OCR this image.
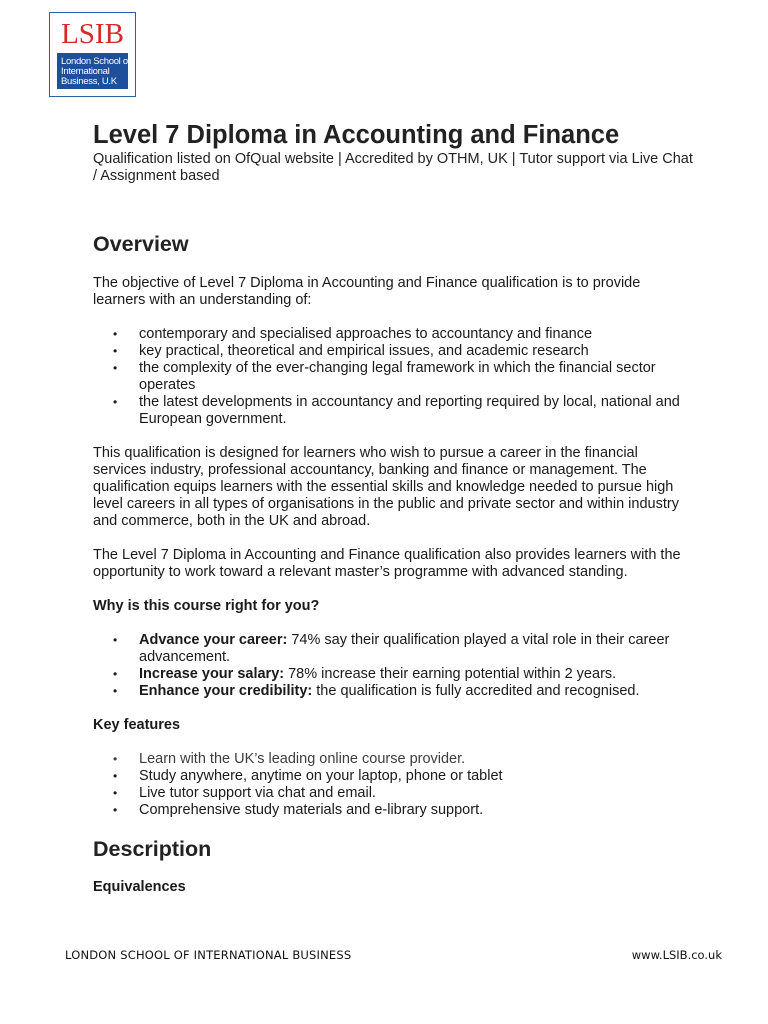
LSIB
London School of
International
Business, U.K
Level 7 Diploma in Accounting and Finance
Qualification listed on OfQual website | Accredited by OTHM, UK | Tutor support via Live Chat / Assignment based
Overview

The objective of Level 7 Diploma in Accounting and Finance qualification is to provide learners with an understanding of:

• contemporary and specialised approaches to accountancy and finance
• key practical, theoretical and empirical issues, and academic research
• the complexity of the ever-changing legal framework in which the financial sector operates
• the latest developments in accountancy and reporting required by local, national and European government.

This qualification is designed for learners who wish to pursue a career in the financial services industry, professional accountancy, banking and finance or management. The qualification equips learners with the essential skills and knowledge needed to pursue high level careers in all types of organisations in the public and private sector and within industry and commerce, both in the UK and abroad.

The Level 7 Diploma in Accounting and Finance qualification also provides learners with the opportunity to work toward a relevant master’s programme with advanced standing.

Why is this course right for you?
• Advance your career: 74% say their qualification played a vital role in their career advancement.
• Increase your salary: 78% increase their earning potential within 2 years.
• Enhance your credibility: the qualification is fully accredited and recognised.
Key features
• Learn with the UK’s leading online course provider.
• Study anywhere, anytime on your laptop, phone or tablet
• Live tutor support via chat and email.
• Comprehensive study materials and e-library support.
Description
Equivalences
LONDON SCHOOL OF INTERNATIONAL BUSINESS	www.LSIB.co.uk
